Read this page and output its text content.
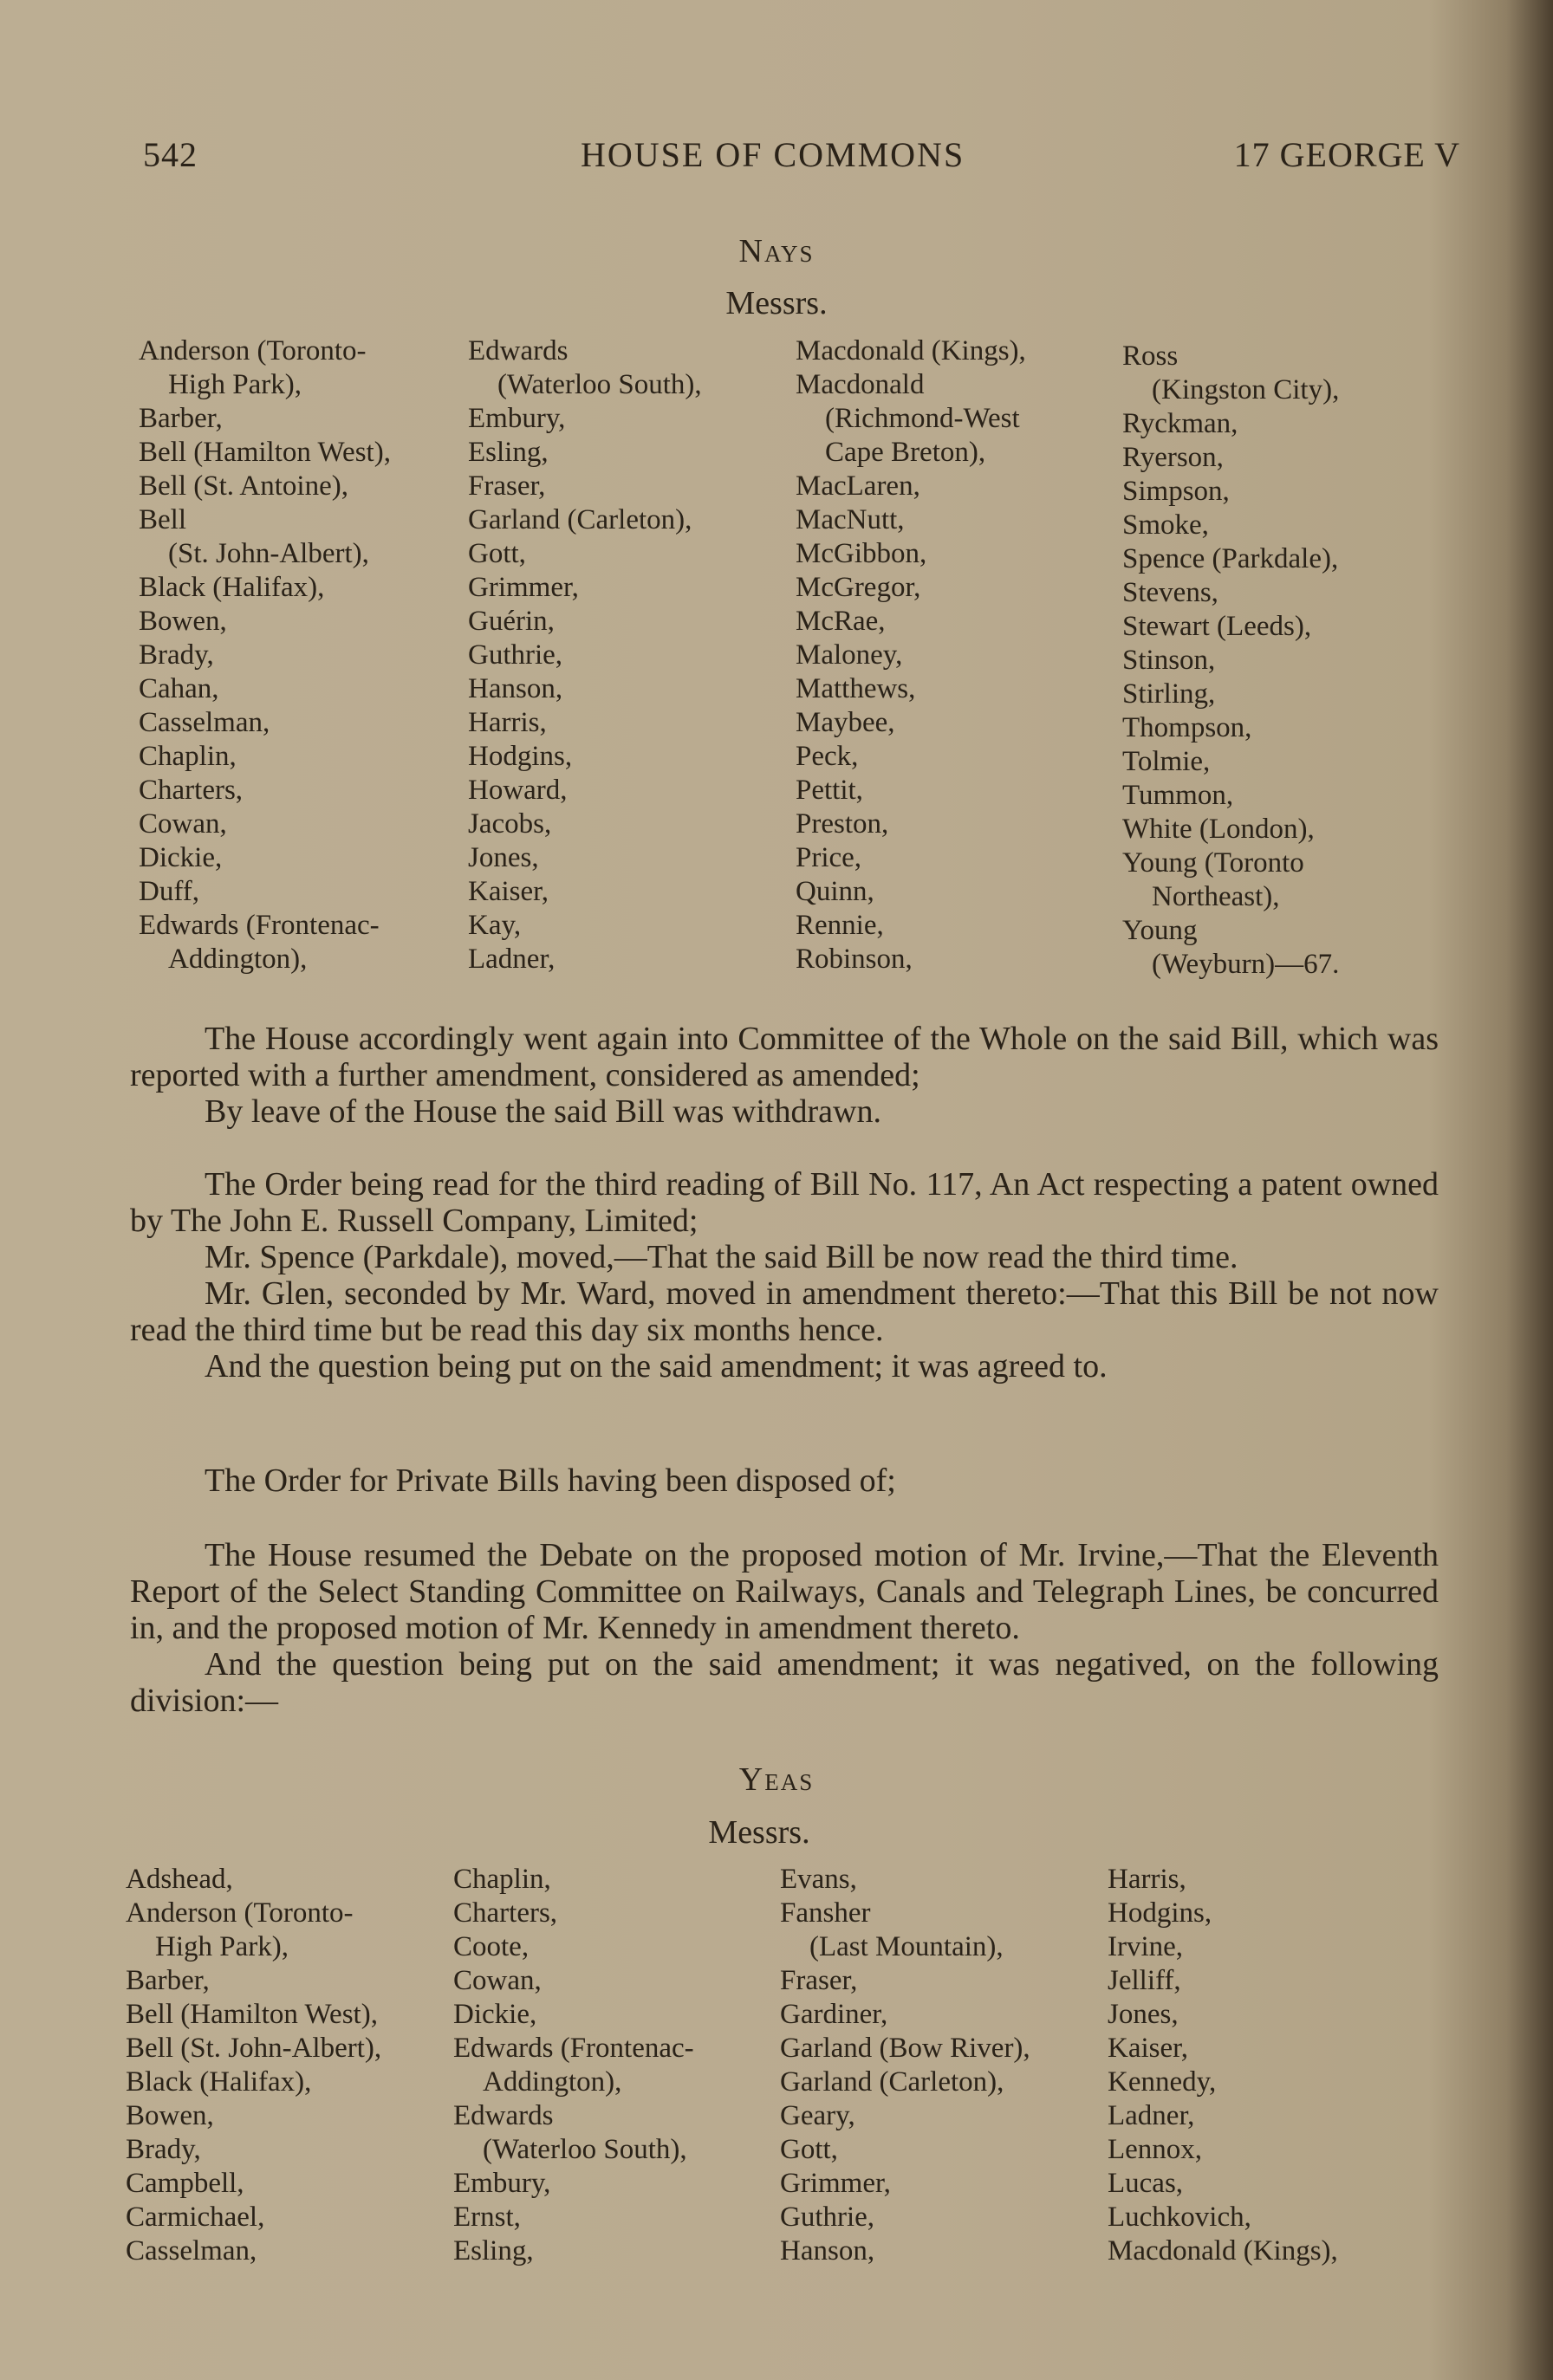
542	HOUSE OF COMMONS	17 GEORGE V
Nays
Messrs.
Anderson (Toronto-
High Park),
Barber,
Bell (Hamilton West),
Bell (St. Antoine),
Bell
(St. John-Albert),
Black (Halifax),
Bowen,
Brady,
Cahan,
Casselman,
Chaplin,
Charters,
Cowan,
Dickie,
Duff,
Edwards (Frontenac-
Addington),
Edwards
(Waterloo South),
Embury,
Esling,
Fraser,
Garland (Carleton),
Gott,
Grimmer,
Guérin,
Guthrie,
Hanson,
Harris,
Hodgins,
Howard,
Jacobs,
Jones,
Kaiser,
Kay,
Ladner,
Macdonald (Kings),
Macdonald
(Richmond-West
Cape Breton),
MacLaren,
MacNutt,
McGibbon,
McGregor,
McRae,
Maloney,
Matthews,
Maybee,
Peck,
Pettit,
Preston,
Price,
Quinn,
Rennie,
Robinson,
Ross
(Kingston City),
Ryckman,
Ryerson,
Simpson,
Smoke,
Spence (Parkdale),
Stevens,
Stewart (Leeds),
Stinson,
Stirling,
Thompson,
Tolmie,
Tummon,
White (London),
Young (Toronto
Northeast),
Young
(Weyburn)—67.

The House accordingly went again into Committee of the Whole on the said Bill, which was reported with a further amendment, considered as amended;

By leave of the House the said Bill was withdrawn.

The Order being read for the third reading of Bill No. 117, An Act respecting a patent owned by The John E. Russell Company, Limited;

Mr. Spence (Parkdale), moved,—That the said Bill be now read the third time.

Mr. Glen, seconded by Mr. Ward, moved in amendment thereto:—That this Bill be not now read the third time but be read this day six months hence.

And the question being put on the said amendment; it was agreed to.

The Order for Private Bills having been disposed of;

The House resumed the Debate on the proposed motion of Mr. Irvine,—That the Eleventh Report of the Select Standing Committee on Railways, Canals and Telegraph Lines, be concurred in, and the proposed motion of Mr. Kennedy in amendment thereto.

And the question being put on the said amendment; it was negatived, on the following division:—

Yeas
Messrs.
Adshead,
Anderson (Toronto-
High Park),
Barber,
Bell (Hamilton West),
Bell (St. John-Albert),
Black (Halifax),
Bowen,
Brady,
Campbell,
Carmichael,
Casselman,
Chaplin,
Charters,
Coote,
Cowan,
Dickie,
Edwards (Frontenac-
Addington),
Edwards
(Waterloo South),
Embury,
Ernst,
Esling,
Evans,
Fansher
(Last Mountain),
Fraser,
Gardiner,
Garland (Bow River),
Garland (Carleton),
Geary,
Gott,
Grimmer,
Guthrie,
Hanson,
Harris,
Hodgins,
Irvine,
Jelliff,
Jones,
Kaiser,
Kennedy,
Ladner,
Lennox,
Lucas,
Luchkovich,
Macdonald (Kings),
